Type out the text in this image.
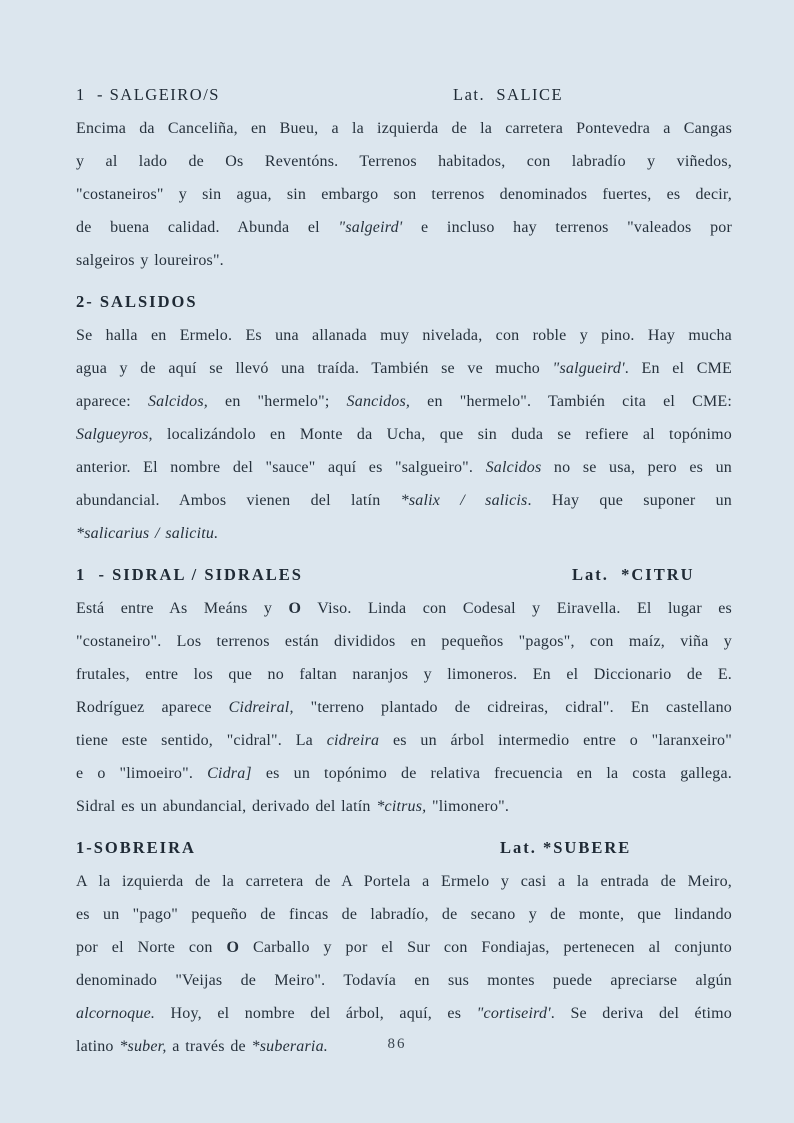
1  - SALGEIRO/S	Lat.  SALICE
Encima da Canceliña, en Bueu, a la izquierda de la carretera Pontevedra a Cangas
y al lado de Os Reventóns. Terrenos habitados, con labradío y viñedos,
"costaneiros" y sin agua, sin embargo son terrenos denominados fuertes, es decir,
de buena calidad. Abunda el "salgeird' e incluso hay terrenos "valeados por
salgeiros y loureiros".
2- SALSIDOS
Se halla en Ermelo. Es una allanada muy nivelada, con roble y pino. Hay mucha
agua y de aquí se llevó una traída. También se ve mucho "salgueird'. En el CME
aparece: Salcidos, en "hermelo"; Sancidos, en "hermelo". También cita el CME:
Salgueyros, localizándolo en Monte da Ucha, que sin duda se refiere al topónimo
anterior. El nombre del "sauce" aquí es "salgueiro". Salcidos no se usa, pero es un
abundancial. Ambos vienen del latín *salix / salicis. Hay que suponer un
*salicarius / salicitu.
1  - SIDRAL / SIDRALES	Lat.  *CITRU
Está entre As Meáns y O Viso. Linda con Codesal y Eiravella. El lugar es
"costaneiro". Los terrenos están divididos en pequeños "pagos", con maíz, viña y
frutales, entre los que no faltan naranjos y limoneros. En el Diccionario de E.
Rodríguez aparece Cidreiral, "terreno plantado de cidreiras, cidral". En castellano
tiene este sentido, "cidral". La cidreira es un árbol intermedio entre o "laranxeiro"
e o "limoeiro". Cidra] es un topónimo de relativa frecuencia en la costa gallega.
Sidral es un abundancial, derivado del latín *citrus, "limonero".
1-SOBREIRA	Lat. *SUBERE
A la izquierda de la carretera de A Portela a Ermelo y casi a la entrada de Meiro,
es un "pago" pequeño de fincas de labradío, de secano y de monte, que lindando
por el Norte con O Carballo y por el Sur con Fondiajas, pertenecen al conjunto
denominado "Veijas de Meiro". Todavía en sus montes puede apreciarse algún
alcornoque. Hoy, el nombre del árbol, aquí, es "cortiseird'. Se deriva del étimo
latino *suber, a través de *suberaria.	86
